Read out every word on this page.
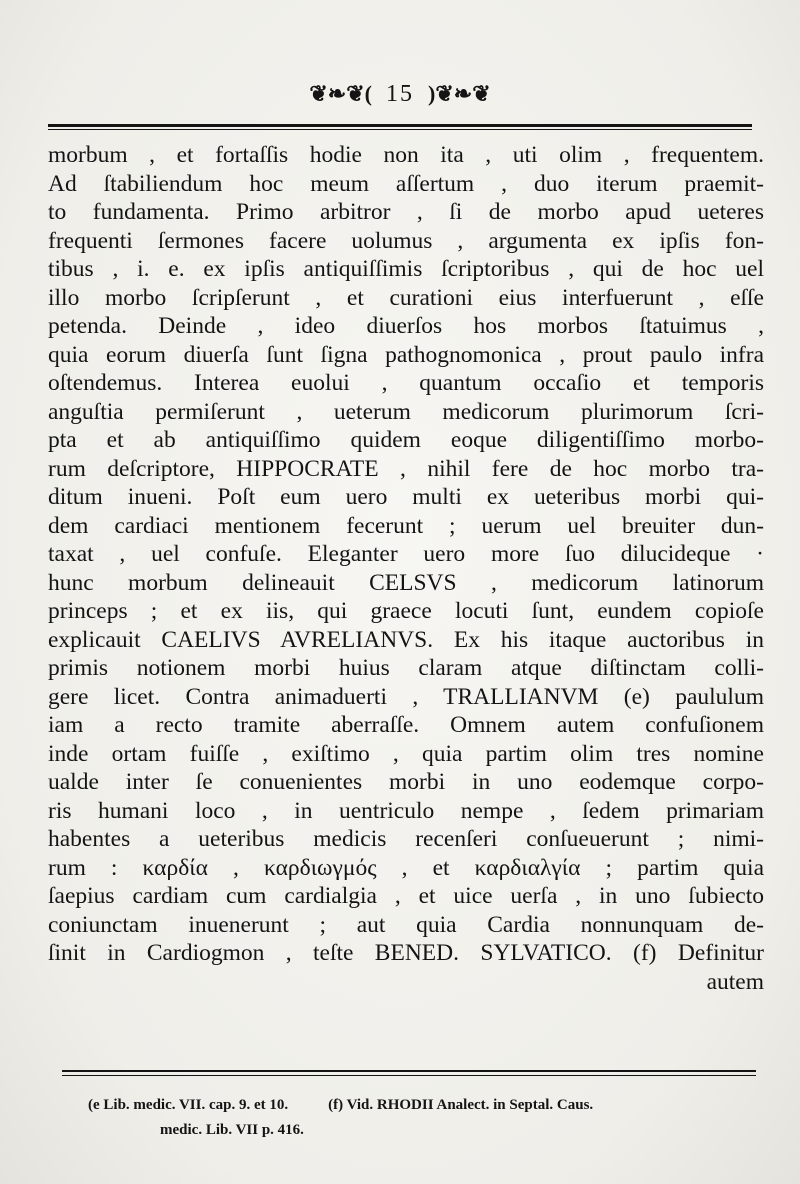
❦❧❦( 15 )❦❧❦
morbum , et fortaſſis hodie non ita , uti olim , frequentem.
Ad ſtabiliendum hoc meum aſſertum , duo iterum praemit-
to fundamenta. Primo arbitror , ſi de morbo apud ueteres
frequenti ſermones facere uolumus , argumenta ex ipſis fon-
tibus , i. e. ex ipſis antiquiſſimis ſcriptoribus , qui de hoc uel
illo morbo ſcripſerunt , et curationi eius interfuerunt , eſſe
petenda. Deinde , ideo diuerſos hos morbos ſtatuimus ,
quia eorum diuerſa ſunt ſigna pathognomonica , prout paulo infra
oſtendemus. Interea euolui , quantum occaſio et temporis
anguſtia permiſerunt , ueterum medicorum plurimorum ſcri-
pta et ab antiquiſſimo quidem eoque diligentiſſimo morbo-
rum deſcriptore, HIPPOCRATE , nihil fere de hoc morbo tra-
ditum inueni. Poſt eum uero multi ex ueteribus morbi qui-
dem cardiaci mentionem fecerunt ; uerum uel breuiter dun-
taxat , uel confuſe. Eleganter uero more ſuo dilucideque ·
hunc morbum delineauit CELSVS , medicorum latinorum
princeps ; et ex iis, qui graece locuti ſunt, eundem copioſe
explicauit CAELIVS AVRELIANVS. Ex his itaque auctoribus in
primis notionem morbi huius claram atque diſtinctam colli-
gere licet. Contra animaduerti , TRALLIANVM (e) paululum
iam a recto tramite aberraſſe. Omnem autem confuſionem
inde ortam fuiſſe , exiſtimo , quia partim olim tres nomine
ualde inter ſe conuenientes morbi in uno eodemque corpo-
ris humani loco , in uentriculo nempe , ſedem primariam
habentes a ueteribus medicis recenſeri conſueuerunt ; nimi-
rum : καρδία , καρδιωγμός , et καρδιαλγία ; partim quia
ſaepius cardiam cum cardialgia , et uice uerſa , in uno ſubiecto
coniunctam inuenerunt ; aut quia Cardia nonnunquam de-
ſinit in Cardiogmon , teſte BENED. SYLVATICO. (f) Definitur
autem
(e Lib. medic. VII. cap. 9. et 10.	(f) Vid. RHODII Analect. in Septal. Caus.
medic. Lib. VII p. 416.
